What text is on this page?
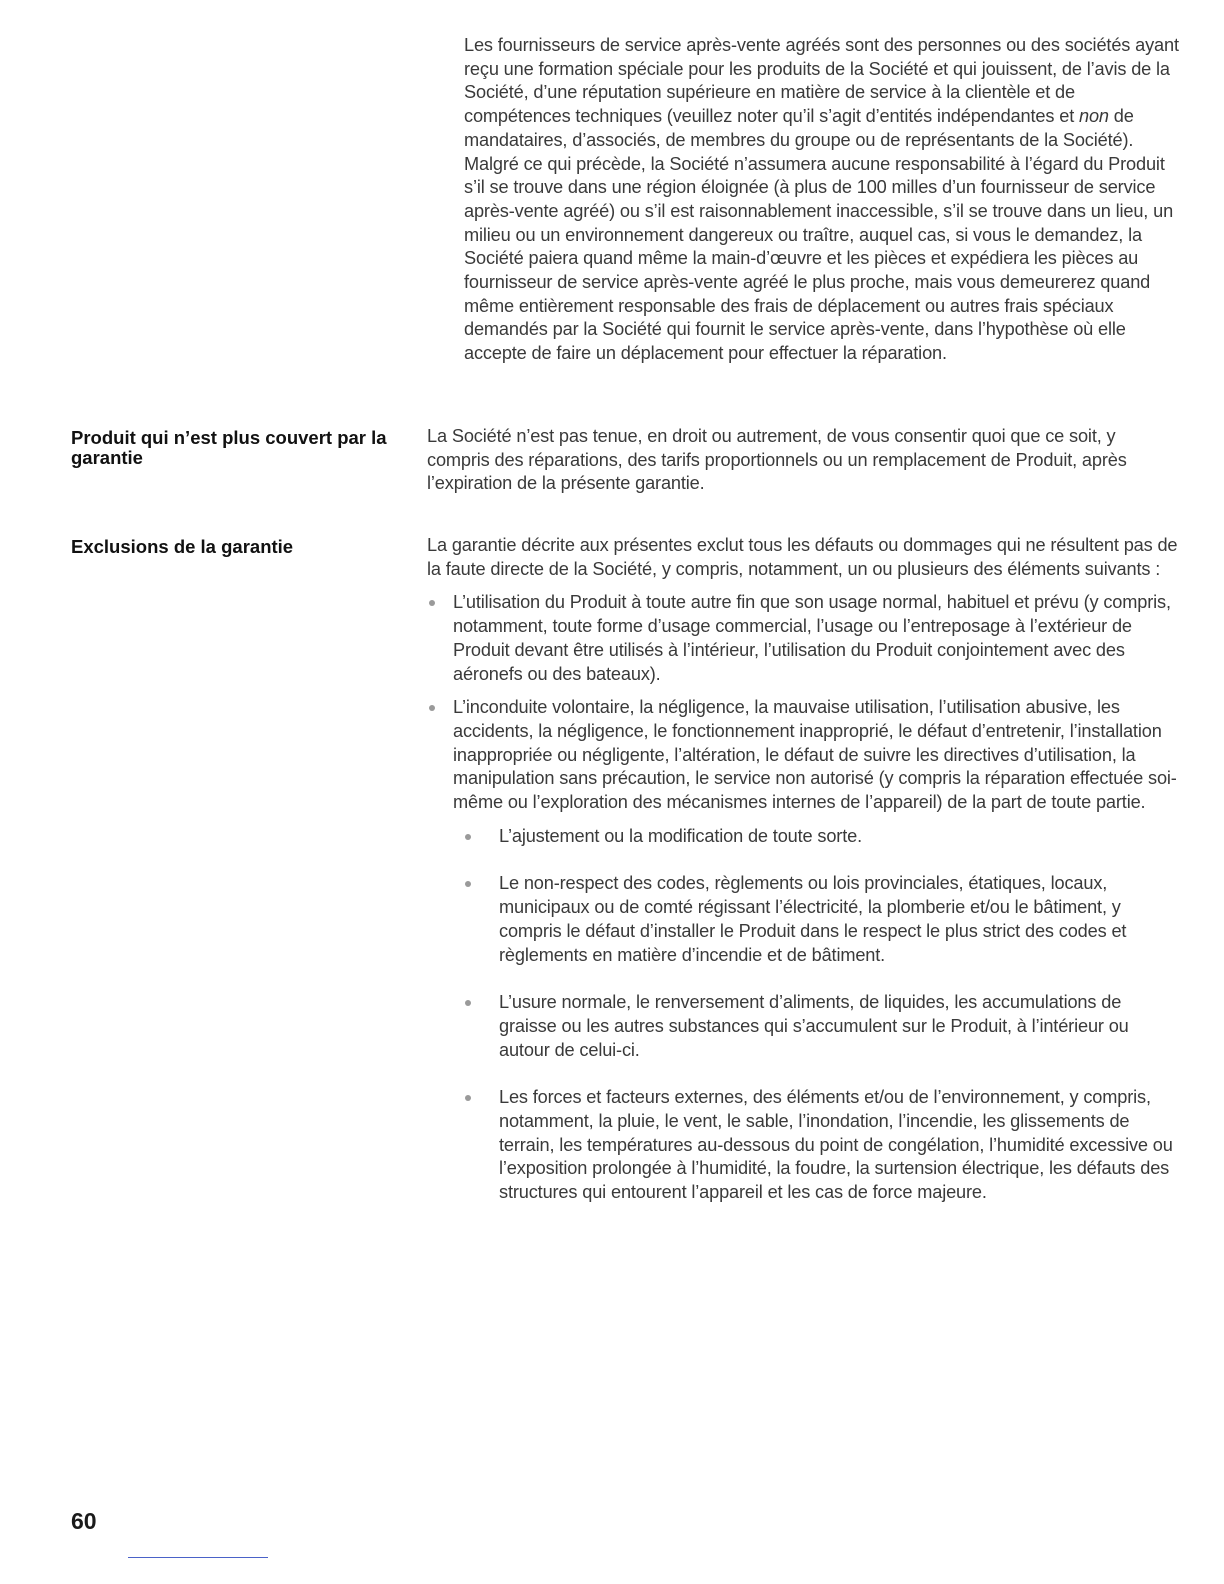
Les fournisseurs de service après-vente agréés sont des personnes ou des sociétés ayant reçu une formation spéciale pour les produits de la Société et qui jouissent, de l’avis de la Société, d’une réputation supérieure en matière de service à la clientèle et de compétences techniques (veuillez noter qu’il s’agit d’entités indépendantes et non de mandataires, d’associés, de membres du groupe ou de représentants de la Société). Malgré ce qui précède, la Société n’assumera aucune responsabilité à l’égard du Produit s’il se trouve dans une région éloignée (à plus de 100 milles d’un fournisseur de service après-vente agréé) ou s’il est raisonnablement inaccessible, s’il se trouve dans un lieu, un milieu ou un environnement dangereux ou traître, auquel cas, si vous le demandez, la Société paiera quand même la main-d’œuvre et les pièces et expédiera les pièces au fournisseur de service après-vente agréé le plus proche, mais vous demeurerez quand même entièrement responsable des frais de déplacement ou autres frais spéciaux demandés par la Société qui fournit le service après-vente, dans l’hypothèse où elle accepte de faire un déplacement pour effectuer la réparation.

Produit qui n’est plus couvert par la garantie

La Société n’est pas tenue, en droit ou autrement, de vous consentir quoi que ce soit, y compris des réparations, des tarifs proportionnels ou un remplacement de Produit, après l’expiration de la présente garantie.

Exclusions de la garantie	La garantie décrite aux présentes exclut tous les défauts ou dommages qui ne résultent pas de la faute directe de la Société, y compris, notamment, un ou plusieurs des éléments suivants :

L’utilisation du Produit à toute autre fin que son usage normal, habituel et prévu (y compris, notamment, toute forme d’usage commercial, l’usage ou l’entreposage à l’extérieur de Produit devant être utilisés à l’intérieur, l’utilisation du Produit conjointement avec des aéronefs ou des bateaux).
L’inconduite volontaire, la négligence, la mauvaise utilisation, l’utilisation abusive, les accidents, la négligence, le fonctionnement inapproprié, le défaut d’entretenir, l’installation inappropriée ou négligente, l’altération, le défaut de suivre les directives d’utilisation, la manipulation sans précaution, le service non autorisé (y compris la réparation effectuée soi-même ou l’exploration des mécanismes internes de l’appareil) de la part de toute partie.
L’ajustement ou la modification de toute sorte.
Le non-respect des codes, règlements ou lois provinciales, étatiques, locaux, municipaux ou de comté régissant l’électricité, la plomberie et/ou le bâtiment, y compris le défaut d’installer le Produit dans le respect le plus strict des codes et règlements en matière d’incendie et de bâtiment.
L’usure normale, le renversement d’aliments, de liquides, les accumulations de graisse ou les autres substances qui s’accumulent sur le Produit, à l’intérieur ou autour de celui-ci.
Les forces et facteurs externes, des éléments et/ou de l’environnement, y compris, notamment, la pluie, le vent, le sable, l’inondation, l’incendie, les glissements de terrain, les températures au-dessous du point de congélation, l’humidité excessive ou l’exposition prolongée à l’humidité, la foudre, la surtension électrique, les défauts des structures qui entourent l’appareil et les cas de force majeure.
60
